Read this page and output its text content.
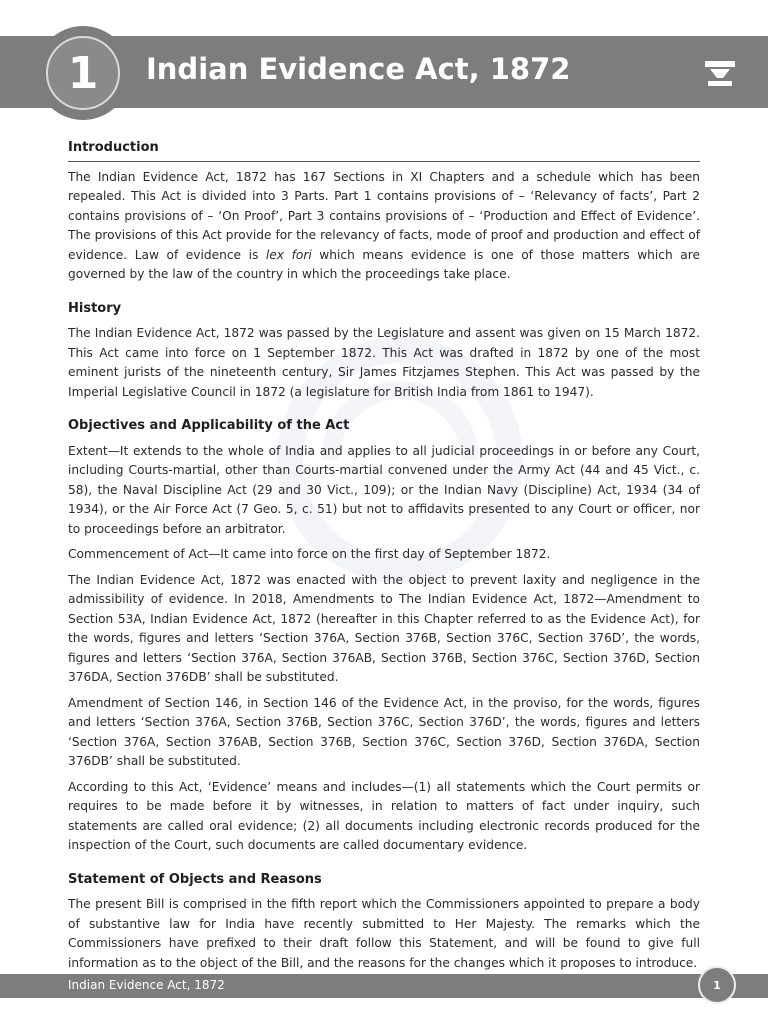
1	Indian Evidence Act, 1872
Introduction

The Indian Evidence Act, 1872 has 167 Sections in XI Chapters and a schedule which has been repealed. This Act is divided into 3 Parts. Part 1 contains provisions of – ‘Relevancy of facts’, Part 2 contains provisions of – ‘On Proof’, Part 3 contains provisions of – ‘Production and Effect of Evidence’. The provisions of this Act provide for the relevancy of facts, mode of proof and production and effect of evidence. Law of evidence is lex fori which means evidence is one of those matters which are governed by the law of the country in which the proceedings take place.

History

The Indian Evidence Act, 1872 was passed by the Legislature and assent was given on 15 March 1872. This Act came into force on 1 September 1872. This Act was drafted in 1872 by one of the most eminent jurists of the nineteenth century, Sir James Fitzjames Stephen. This Act was passed by the Imperial Legislative Council in 1872 (a legislature for British India from 1861 to 1947).

Objectives and Applicability of the Act

Extent—It extends to the whole of India and applies to all judicial proceedings in or before any Court, including Courts-martial, other than Courts-martial convened under the Army Act (44 and 45 Vict., c. 58), the Naval Discipline Act (29 and 30 Vict., 109); or the Indian Navy (Discipline) Act, 1934 (34 of 1934), or the Air Force Act (7 Geo. 5, c. 51) but not to affidavits presented to any Court or officer, nor to proceedings before an arbitrator.

Commencement of Act—It came into force on the first day of September 1872.

The Indian Evidence Act, 1872 was enacted with the object to prevent laxity and negligence in the admissibility of evidence. In 2018, Amendments to The Indian Evidence Act, 1872—Amendment to Section 53A, Indian Evidence Act, 1872 (hereafter in this Chapter referred to as the Evidence Act), for the words, figures and letters ‘Section 376A, Section 376B, Section 376C, Section 376D’, the words, figures and letters ‘Section 376A, Section 376AB, Section 376B, Section 376C, Section 376D, Section 376DA, Section 376DB’ shall be substituted.

Amendment of Section 146, in Section 146 of the Evidence Act, in the proviso, for the words, figures and letters ‘Section 376A, Section 376B, Section 376C, Section 376D’, the words, figures and letters ‘Section 376A, Section 376AB, Section 376B, Section 376C, Section 376D, Section 376DA, Section 376DB’ shall be substituted.

According to this Act, ‘Evidence’ means and includes—(1) all statements which the Court permits or requires to be made before it by witnesses, in relation to matters of fact under inquiry, such statements are called oral evidence; (2) all documents including electronic records produced for the inspection of the Court, such documents are called documentary evidence.

Statement of Objects and Reasons

The present Bill is comprised in the fifth report which the Commissioners appointed to prepare a body of substantive law for India have recently submitted to Her Majesty. The remarks which the Commissioners have prefixed to their draft follow this Statement, and will be found to give full information as to the object of the Bill, and the reasons for the changes which it proposes to introduce.

Indian Evidence Act, 1872	1
